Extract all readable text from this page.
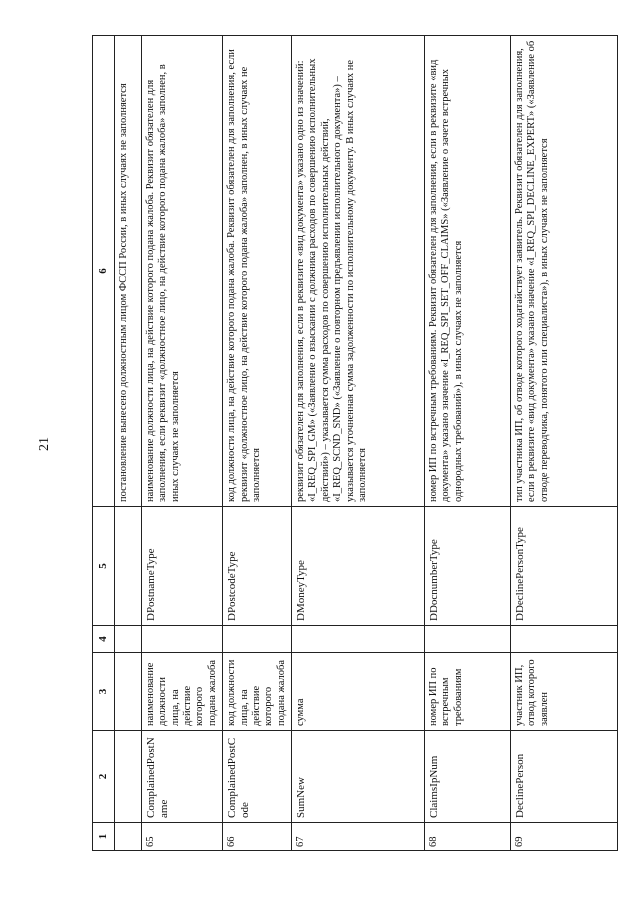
21
1	2	3	4	5	6
					постановление вынесено должностным лицом ФССП России, в иных случаях не заполняется
65	ComplainedPostName	наименование должности лица, на действие которого подана жалоба		DPostnameType	наименование должности лица, на действие которого подана жалоба. Реквизит обязателен для заполнения, если реквизит «должностное лицо, на действие которого подана жалоба» заполнен, в иных случаях не заполняется
66	ComplainedPostCode	код должности лица, на действие которого подана жалоба		DPostcodeType	код должности лица, на действие которого подана жалоба. Реквизит обязателен для заполнения, если реквизит «должностное лицо, на действие которого подана жалоба» заполнен, в иных случаях не заполняется
67	SumNew	сумма		DMoneyType	реквизит обязателен для заполнения, если в реквизите «вид документа» указано одно из значений: «I_REQ_SPI_GM» («Заявление о взыскании с должника расходов по совершению исполнительных действий») – указывается сумма расходов по совершению исполнительных действий, «I_REQ_SCND_SND» («Заявление о повторном предъявлении исполнительного документа») – указывается уточненная сумма задолженности по исполнительному документу. В иных случаях не заполняется
68	ClaimsIpNum	номер ИП по встречным требованиям		DDocnumberType	номер ИП по встречным требованиям. Реквизит обязателен для заполнения, если в реквизите «вид документа» указано значение «I_REQ_SPI_SET_OFF_CLAIMS» («Заявление о зачете встречных однородных требований»), в иных случаях не заполняется
69	DeclinePerson	участник ИП, отвод которого заявлен		DDeclinePersonType	тип участника ИП, об отводе которого ходатайствует заявитель. Реквизит обязателен для заполнения, если в реквизите «вид документа» указано значение «I_REQ_SPI_DECLINE_EXPERT» («Заявление об отводе переводчика, понятого или специалиста»), в иных случаях не заполняется
